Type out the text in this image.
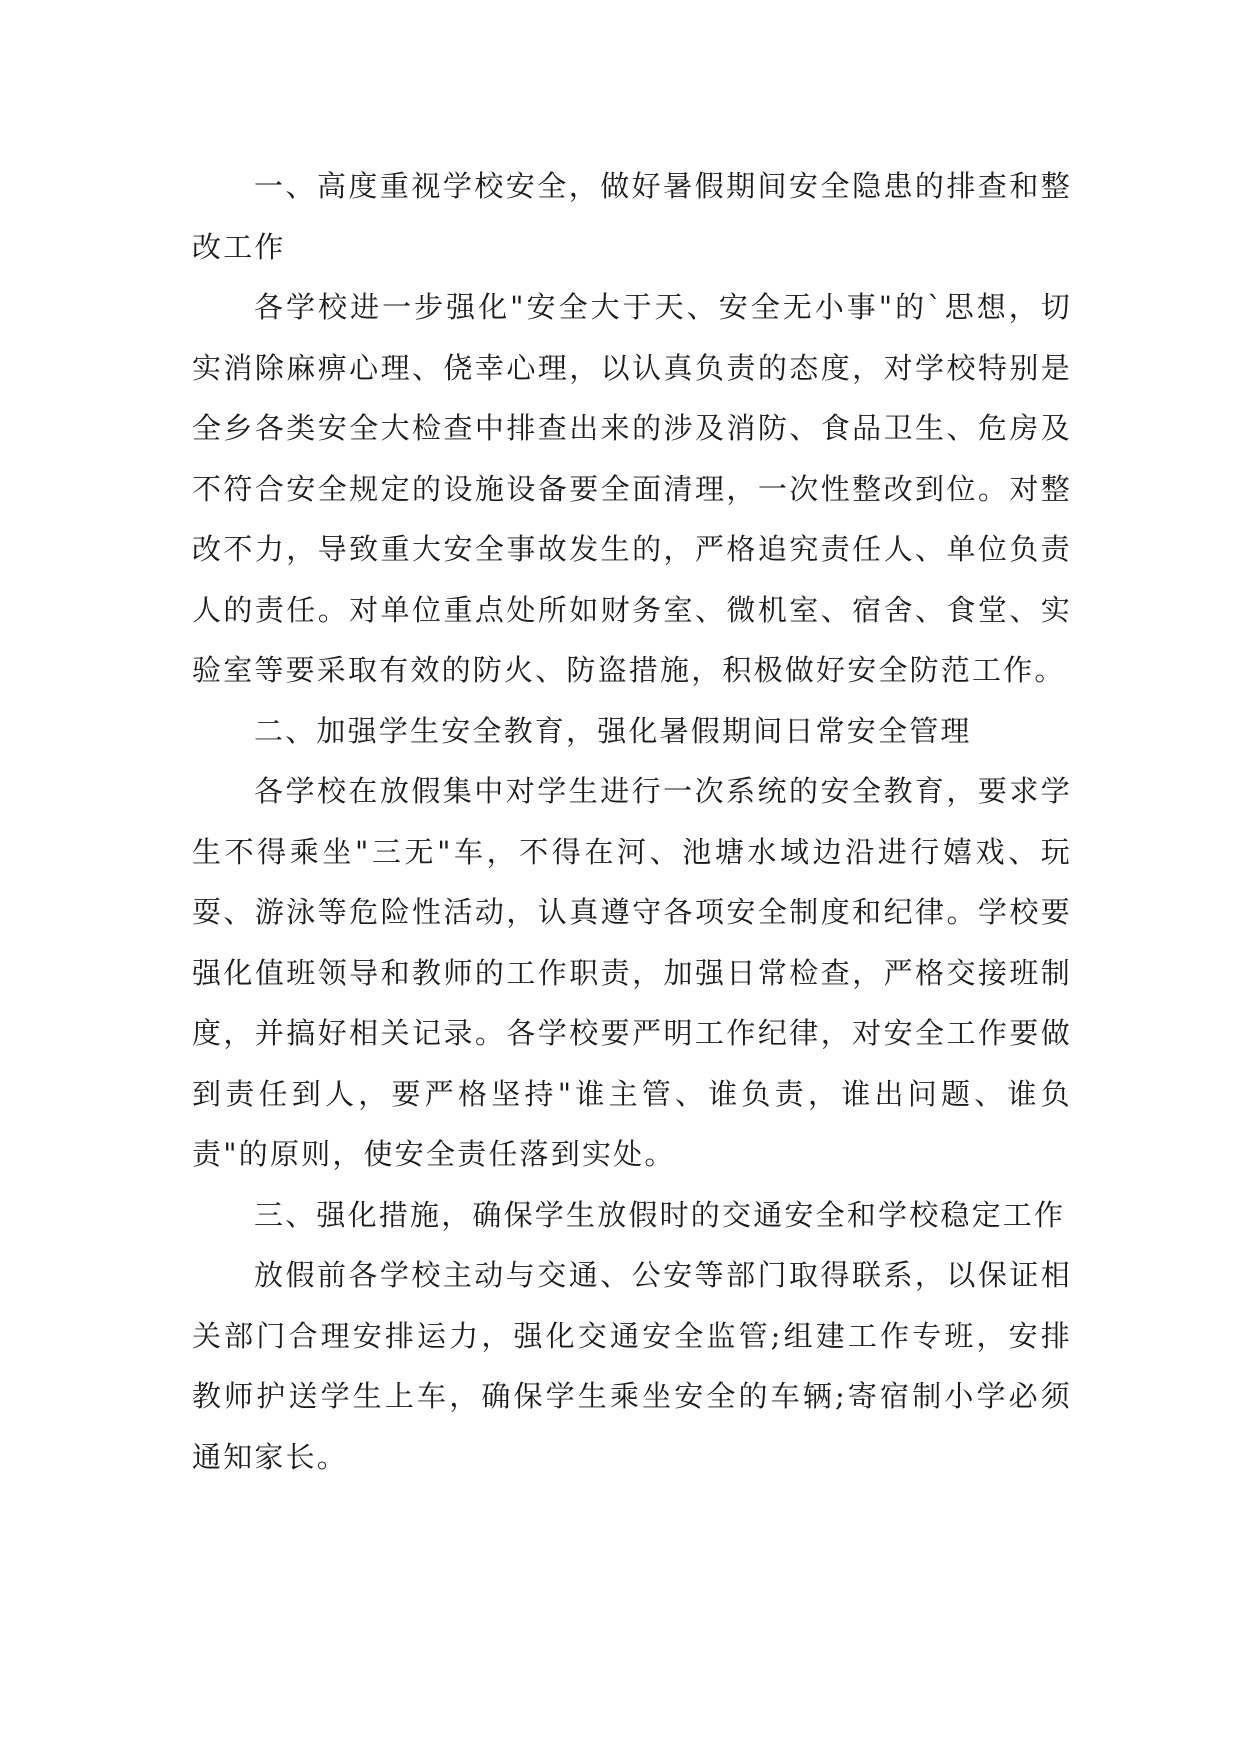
一、高度重视学校安全，做好暑假期间安全隐患的排查和整改工作

各学校进一步强化"安全大于天、安全无小事"的`思想，切实消除麻痹心理、侥幸心理，以认真负责的态度，对学校特别是全乡各类安全大检查中排查出来的涉及消防、食品卫生、危房及不符合安全规定的设施设备要全面清理，一次性整改到位。对整改不力，导致重大安全事故发生的，严格追究责任人、单位负责人的责任。对单位重点处所如财务室、微机室、宿舍、食堂、实验室等要采取有效的防火、防盗措施，积极做好安全防范工作。

二、加强学生安全教育，强化暑假期间日常安全管理

各学校在放假集中对学生进行一次系统的安全教育，要求学生不得乘坐"三无"车，不得在河、池塘水域边沿进行嬉戏、玩耍、游泳等危险性活动，认真遵守各项安全制度和纪律。学校要强化值班领导和教师的工作职责，加强日常检查，严格交接班制度，并搞好相关记录。各学校要严明工作纪律，对安全工作要做到责任到人，要严格坚持"谁主管、谁负责，谁出问题、谁负责"的原则，使安全责任落到实处。

三、强化措施，确保学生放假时的交通安全和学校稳定工作

放假前各学校主动与交通、公安等部门取得联系，以保证相关部门合理安排运力，强化交通安全监管;组建工作专班，安排教师护送学生上车，确保学生乘坐安全的车辆;寄宿制小学必须通知家长。
